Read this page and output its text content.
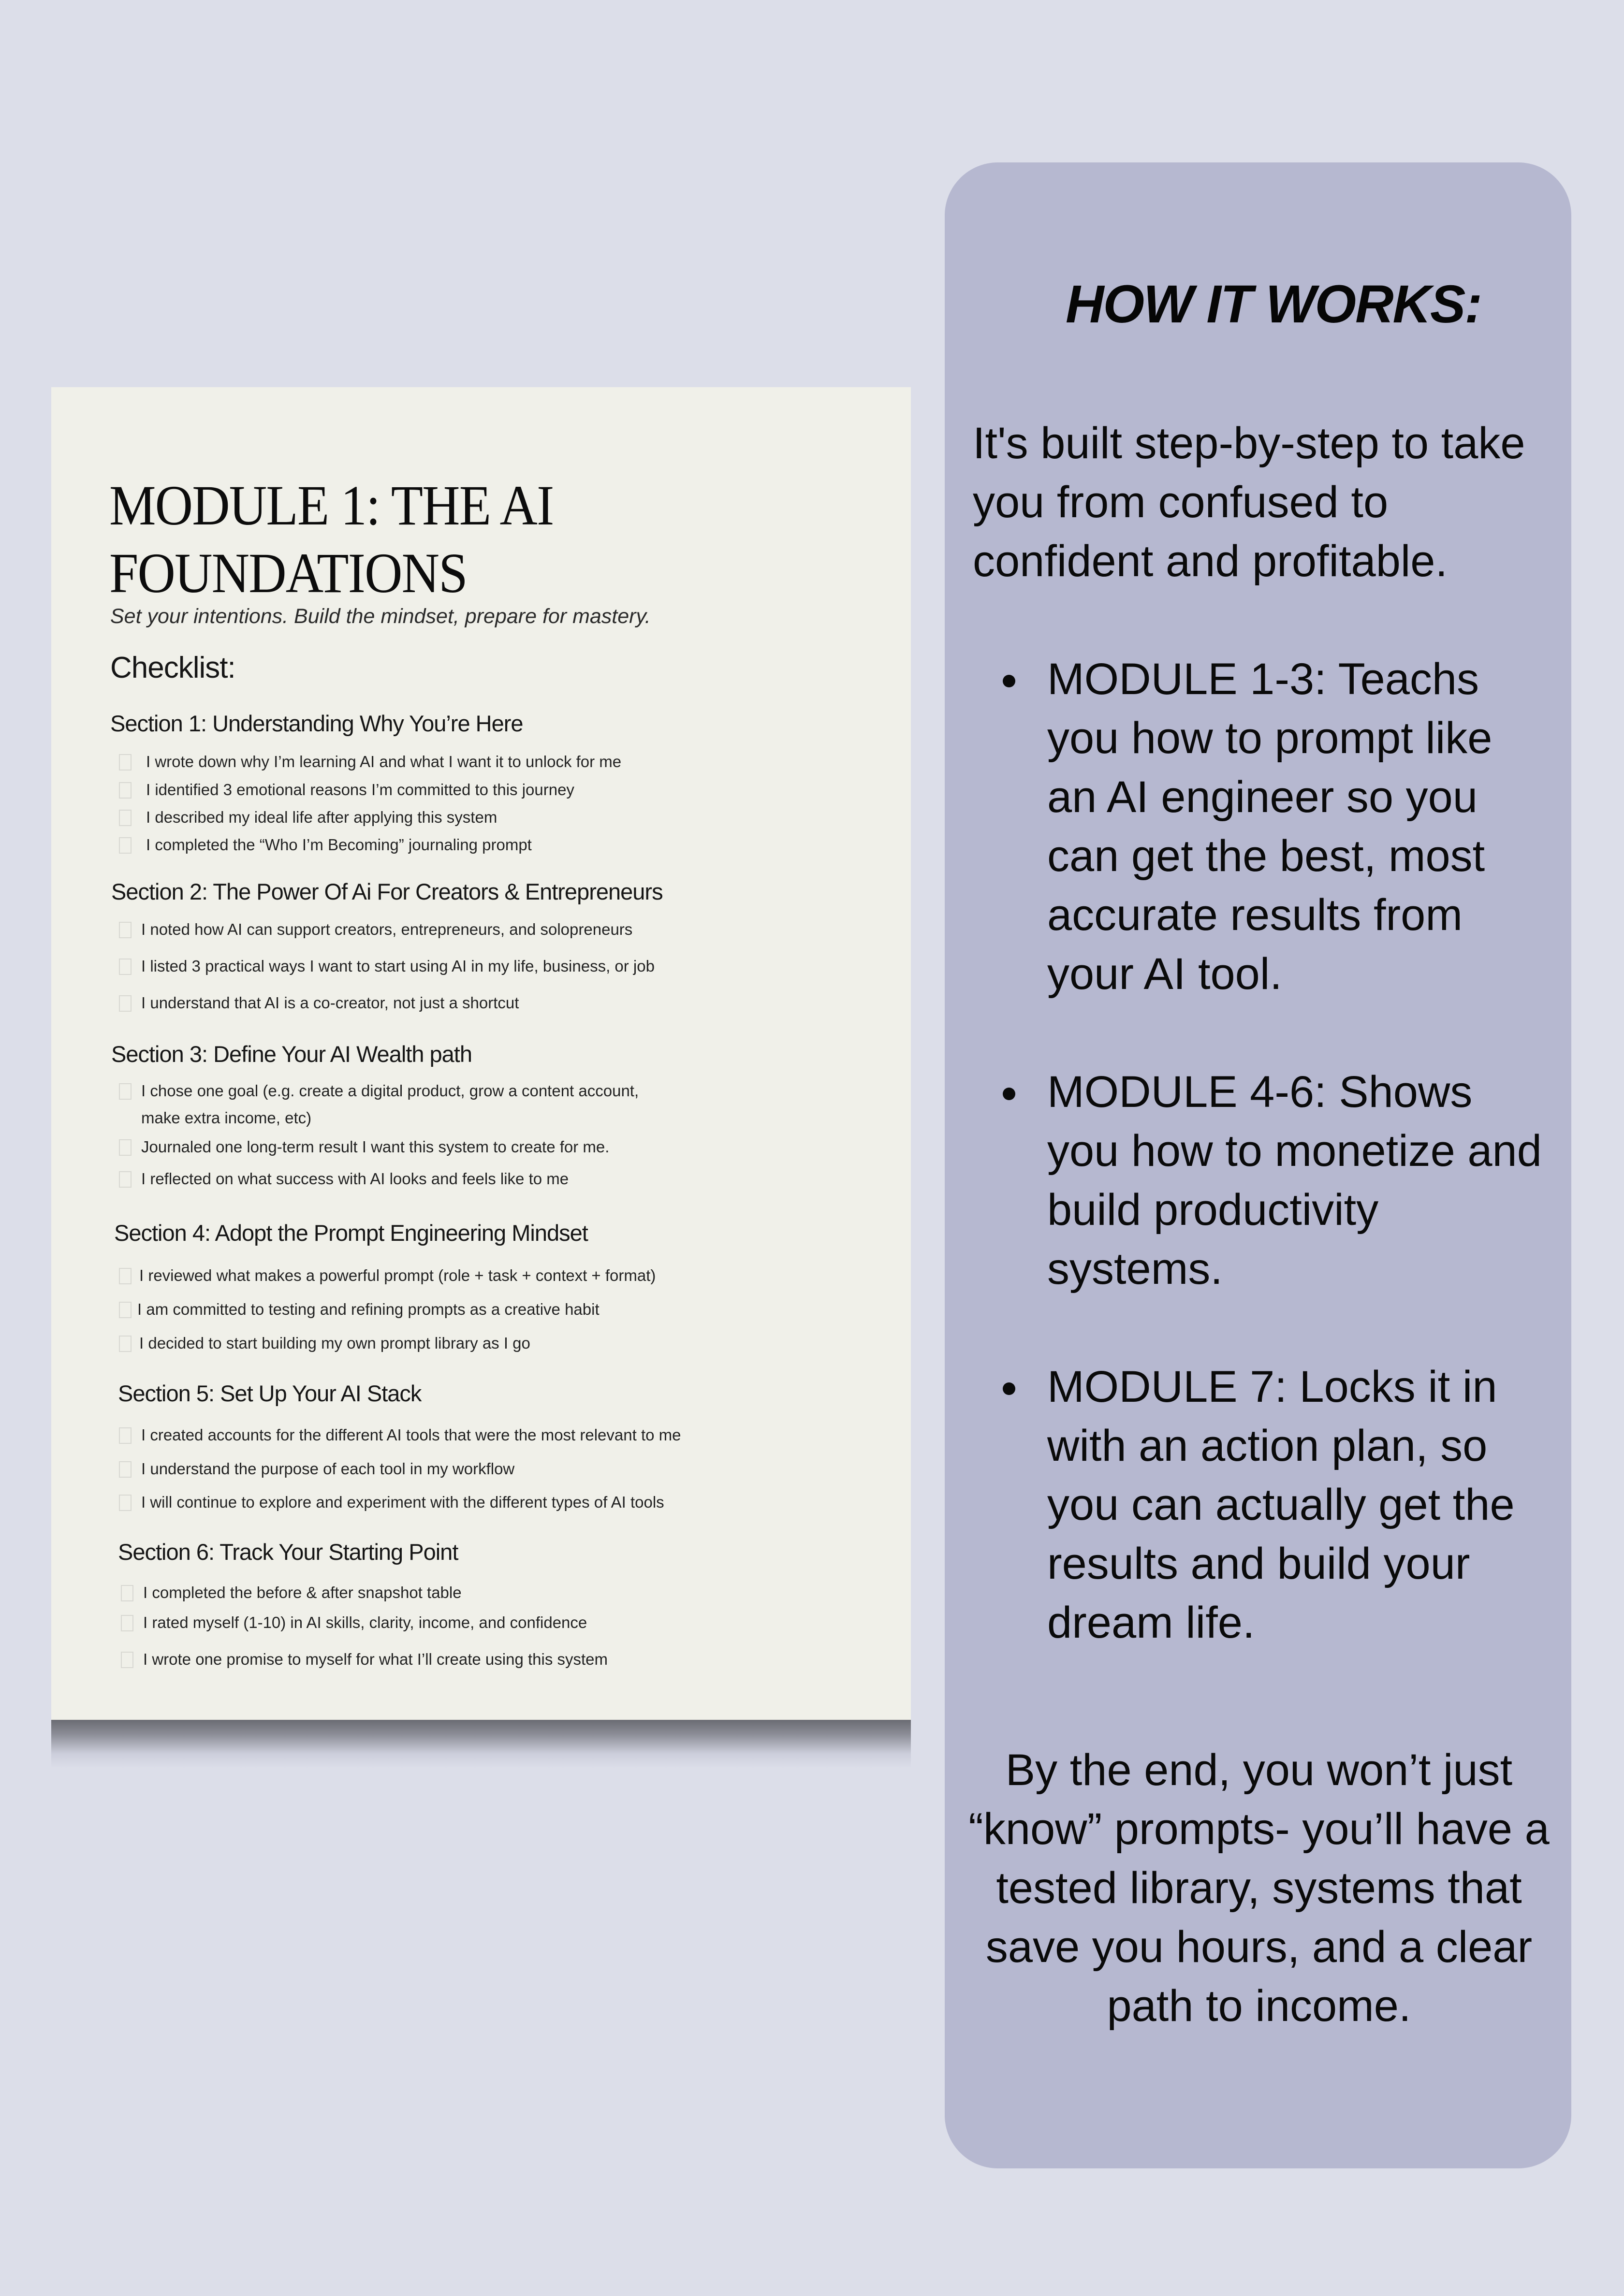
MODULE 1: THE AI
FOUNDATIONS
Set your intentions. Build the mindset, prepare for mastery.
Checklist:
Section 1: Understanding Why You’re Here
I wrote down why I’m learning AI and what I want it to unlock for me
I identified 3 emotional reasons I’m committed to this journey
I described my ideal life after applying this system
I completed the “Who I’m Becoming” journaling prompt
Section 2: The Power Of Ai For Creators & Entrepreneurs
I noted how AI can support creators, entrepreneurs, and solopreneurs
I listed 3 practical ways I want to start using AI in my life, business, or job
I understand that AI is a co-creator, not just a shortcut
Section 3: Define Your AI Wealth path
I chose one goal (e.g. create a digital product, grow a content account,
make extra income, etc)
Journaled one long-term result I want this system to create for me.
I reflected on what success with AI looks and feels like to me
Section 4: Adopt the Prompt Engineering Mindset
I reviewed what makes a powerful prompt (role + task + context + format)
I am committed to testing and refining prompts as a creative habit
I decided to start building my own prompt library as I go
Section 5: Set Up Your AI Stack
I created accounts for the different AI tools that were the most relevant to me
I understand the purpose of each tool in my workflow
I will continue to explore and experiment with the different types of AI tools
Section 6: Track Your Starting Point
I completed the before & after snapshot table
I rated myself (1-10) in AI skills, clarity, income, and confidence
I wrote one promise to myself for what I’ll create using this system
HOW IT WORKS:
It's built step-by-step to take you from confused to confident and profitable.
MODULE 1-3: Teachs you how to prompt like an AI engineer so you can get the best, most accurate results from your AI tool.
MODULE 4-6: Shows you how to monetize and build productivity systems.
MODULE 7: Locks it in with an action plan, so you can actually get the results and build your dream life.
By the end, you won’t just “know” prompts- you’ll have a tested library, systems that save you hours, and a clear path to income.
